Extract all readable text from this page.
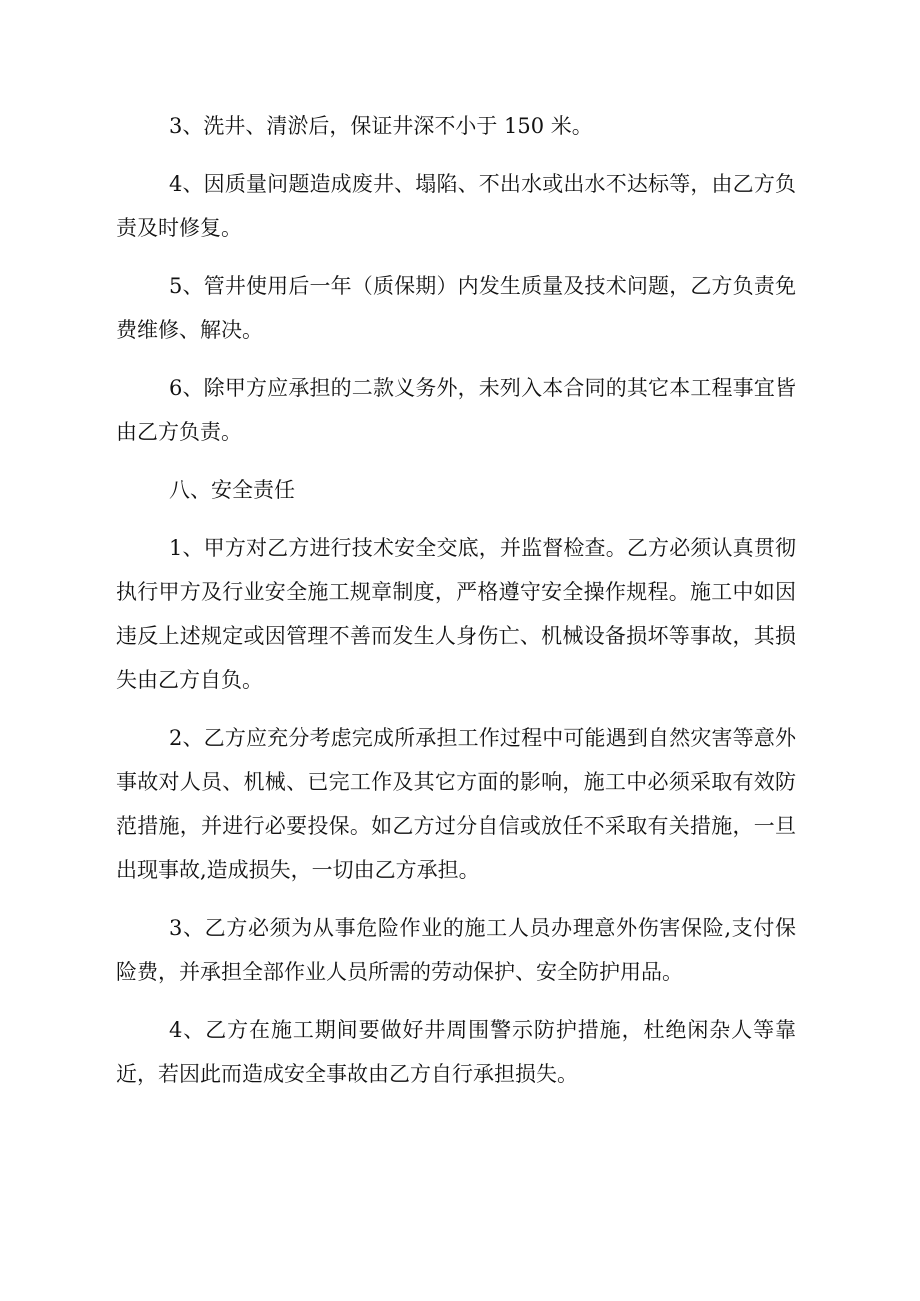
3、洗井、清淤后，保证井深不小于 150 米。

4、因质量问题造成废井、塌陷、不出水或出水不达标等，由乙方负责及时修复。

5、管井使用后一年（质保期）内发生质量及技术问题，乙方负责免费维修、解决。

6、除甲方应承担的二款义务外，未列入本合同的其它本工程事宜皆由乙方负责。

八、安全责任

1、甲方对乙方进行技术安全交底，并监督检查。乙方必须认真贯彻执行甲方及行业安全施工规章制度，严格遵守安全操作规程。施工中如因违反上述规定或因管理不善而发生人身伤亡、机械设备损坏等事故，其损失由乙方自负。

2、乙方应充分考虑完成所承担工作过程中可能遇到自然灾害等意外事故对人员、机械、已完工作及其它方面的影响，施工中必须采取有效防范措施，并进行必要投保。如乙方过分自信或放任不采取有关措施，一旦出现事故,造成损失，一切由乙方承担。

3、乙方必须为从事危险作业的施工人员办理意外伤害保险,支付保险费，并承担全部作业人员所需的劳动保护、安全防护用品。

4、乙方在施工期间要做好井周围警示防护措施，杜绝闲杂人等靠近，若因此而造成安全事故由乙方自行承担损失。
